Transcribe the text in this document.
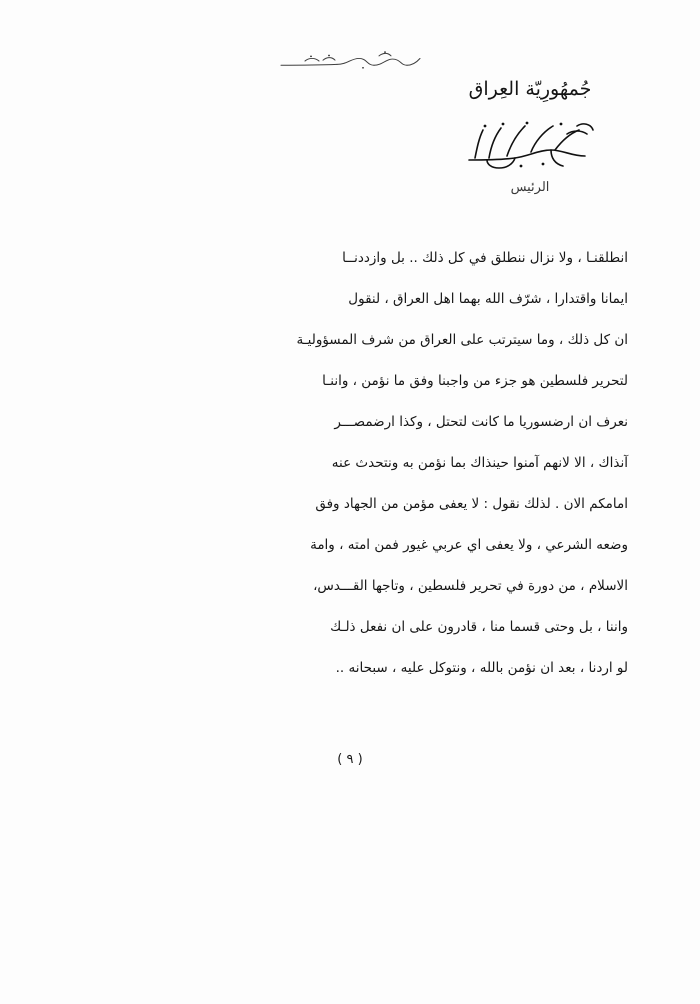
جُمهُورِيّة العِراق
الرئيس
انطلقنـا ، ولا نزال ننطلق في كل ذلك .. بل وازددنــا
ايمانا واقتدارا ، شرّف الله بهما اهل العراق ، لنقول
ان كل ذلك ، وما سيترتب على العراق من شرف المسؤوليـة
لتحرير فلسطين هو جزء من واجبنا وفق ما نؤمن ، واننـا
نعرف ان ارضسوريا ما كانت لتحتل ، وكذا ارضمصـــر
آنذاك ، الا لانهم آمنوا حينذاك بما نؤمن به ونتحدث عنه
امامكم الان . لذلك نقول : لا يعفى مؤمن من الجهاد وفق
وضعه الشرعي ، ولا يعفى اي عربي غيور فمن امته ، وامة
الاسلام ، من دورة في تحرير فلسطين ، وتاجها القـــدس،
واننا ، بل وحتى قسما منا ، قادرون على ان نفعل ذلـك
لو اردنا ، بعد ان نؤمن بالله ، ونتوكل عليه ، سبحانه ..
( ٩ )
